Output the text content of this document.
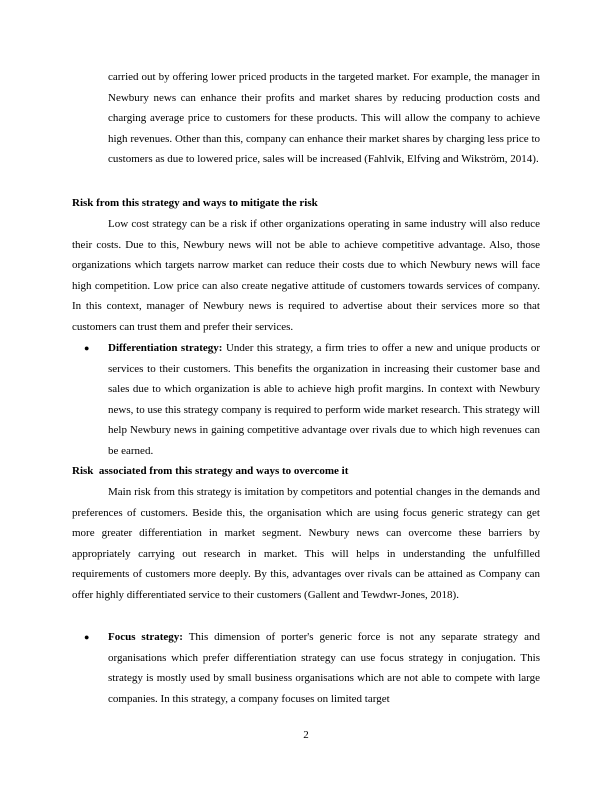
carried out by offering lower priced products in the targeted market. For example, the manager in Newbury news can enhance their profits and market shares by reducing production costs and charging average price to customers for these products. This will allow the company to achieve high revenues. Other than this, company can enhance their market shares by charging less price to customers as due to lowered price, sales will be increased (Fahlvik, Elfving and Wikström, 2014).
Risk from this strategy and ways to mitigate the risk
Low cost strategy can be a risk if other organizations operating in same industry will also reduce their costs. Due to this, Newbury news will not be able to achieve competitive advantage. Also, those organizations which targets narrow market can reduce their costs due to which Newbury news will face high competition. Low price can also create negative attitude of customers towards services of company. In this context, manager of Newbury news is required to advertise about their services more so that customers can trust them and prefer their services.
● Differentiation strategy: Under this strategy, a firm tries to offer a new and unique products or services to their customers. This benefits the organization in increasing their customer base and sales due to which organization is able to achieve high profit margins. In context with Newbury news, to use this strategy company is required to perform wide market research. This strategy will help Newbury news in gaining competitive advantage over rivals due to which high revenues can be earned.
Risk  associated from this strategy and ways to overcome it
Main risk from this strategy is imitation by competitors and potential changes in the demands and preferences of customers. Beside this, the organisation which are using focus generic strategy can get more greater differentiation in market segment. Newbury news can overcome these barriers by appropriately carrying out research in market. This will helps in understanding the unfulfilled requirements of customers more deeply. By this, advantages over rivals can be attained as Company can offer highly differentiated service to their customers (Gallent and Tewdwr-Jones, 2018).
● Focus strategy: This dimension of porter's generic force is not any separate strategy and organisations which prefer differentiation strategy can use focus strategy in conjugation. This strategy is mostly used by small business organisations which are not able to compete with large companies. In this strategy, a company focuses on limited target
2
